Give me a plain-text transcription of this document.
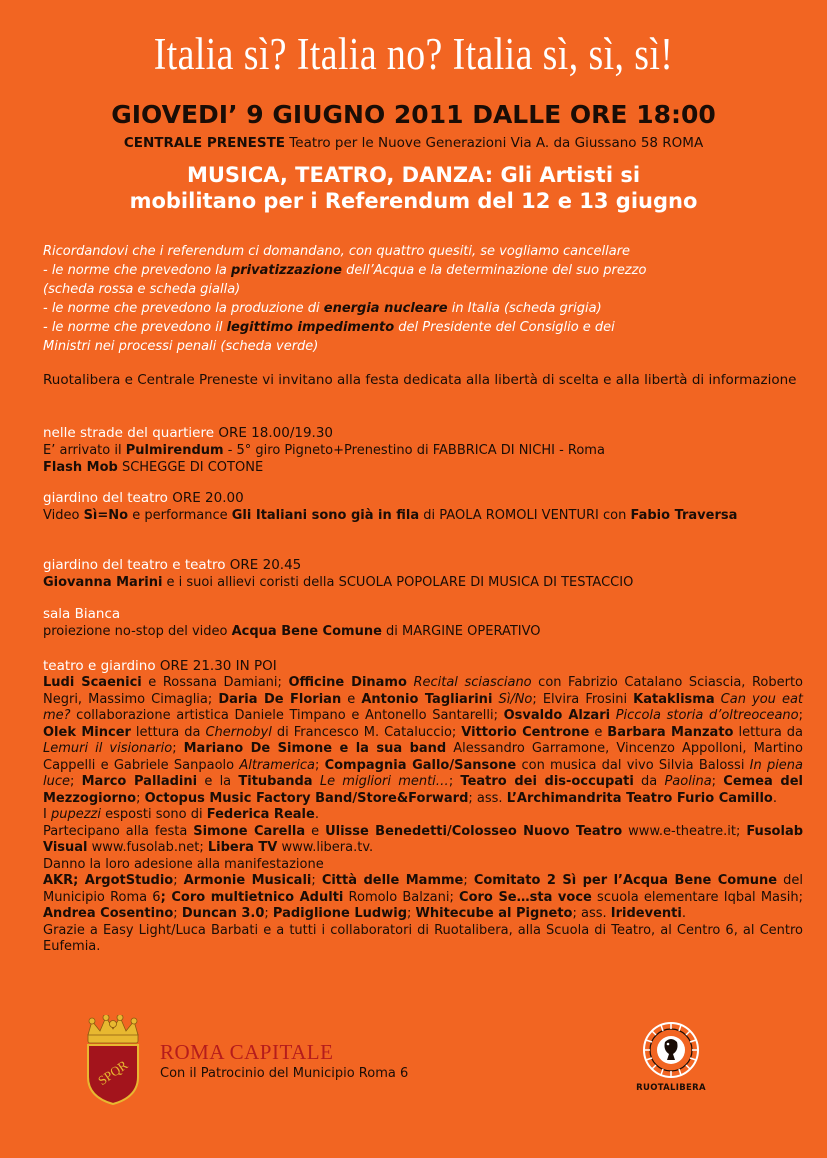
Italia sì? Italia no? Italia sì, sì, sì!
GIOVEDI’ 9 GIUGNO 2011 DALLE ORE 18:00
CENTRALE PRENESTE Teatro per le Nuove Generazioni Via A. da Giussano 58 ROMA
MUSICA, TEATRO, DANZA: Gli Artisti si
mobilitano per i Referendum del 12 e 13 giugno
Ricordandovi che i referendum ci domandano, con quattro quesiti, se vogliamo cancellare
- le norme che prevedono la privatizzazione dell’Acqua e la determinazione del suo prezzo
(scheda rossa e scheda gialla)
- le norme che prevedono la produzione di energia nucleare in Italia (scheda grigia)
- le norme che prevedono il legittimo impedimento del Presidente del Consiglio e dei
Ministri nei processi penali (scheda verde)
Ruotalibera e Centrale Preneste vi invitano alla festa dedicata alla libertà di scelta e alla libertà di informazione
nelle strade del quartiere ORE 18.00/19.30
E’ arrivato il Pulmirendum - 5° giro Pigneto+Prenestino di FABBRICA DI NICHI - Roma
Flash Mob SCHEGGE DI COTONE
giardino del teatro ORE 20.00
Video Sì=No e performance Gli Italiani sono già in fila di PAOLA ROMOLI VENTURI con Fabio Traversa
giardino del teatro e teatro ORE 20.45
Giovanna Marini e i suoi allievi coristi della SCUOLA POPOLARE DI MUSICA DI TESTACCIO
sala Bianca
proiezione no-stop del video Acqua Bene Comune di MARGINE OPERATIVO
teatro e giardino ORE 21.30 IN POI
Ludi Scaenici e Rossana Damiani; Officine Dinamo Recital sciasciano con Fabrizio Catalano Sciascia, Roberto Negri, Massimo Cimaglia; Daria De Florian e Antonio Tagliarini Sì/No; Elvira Frosini Kataklisma Can you eat me? collaborazione artistica Daniele Timpano e Antonello Santarelli; Osvaldo Alzari Piccola storia d’oltreoceano; Olek Mincer lettura da Chernobyl di Francesco M. Cataluccio; Vittorio Centrone e Barbara Manzato lettura da Lemuri il visionario; Mariano De Simone e la sua band Alessandro Garramone, Vincenzo Appolloni, Martino Cappelli e Gabriele Sanpaolo Altramerica; Compagnia Gallo/Sansone con musica dal vivo Silvia Balossi In piena luce; Marco Palladini e la Titubanda Le migliori menti…; Teatro dei dis-occupati da Paolina; Cemea del Mezzogiorno; Octopus Music Factory Band/Store&Forward; ass. L’Archimandrita Teatro Furio Camillo.
I pupezzi esposti sono di Federica Reale.
Partecipano alla festa Simone Carella e Ulisse Benedetti/Colosseo Nuovo Teatro www.e-theatre.it; Fusolab Visual www.fusolab.net; Libera TV www.libera.tv.
Danno la loro adesione alla manifestazione
AKR; ArgotStudio; Armonie Musicali; Città delle Mamme; Comitato 2 Sì per l’Acqua Bene Comune del Municipio Roma 6; Coro multietnico Adulti Romolo Balzani; Coro Se…sta voce scuola elementare Iqbal Masih; Andrea Cosentino; Duncan 3.0; Padiglione Ludwig; Whitecube al Pigneto; ass. Irideventi.
Grazie a Easy Light/Luca Barbati e a tutti i collaboratori di Ruotalibera, alla Scuola di Teatro, al Centro 6, al Centro Eufemia.
SPQR
ROMA CAPITALE
Con il Patrocinio del Municipio Roma 6
RUOTALIBERA
